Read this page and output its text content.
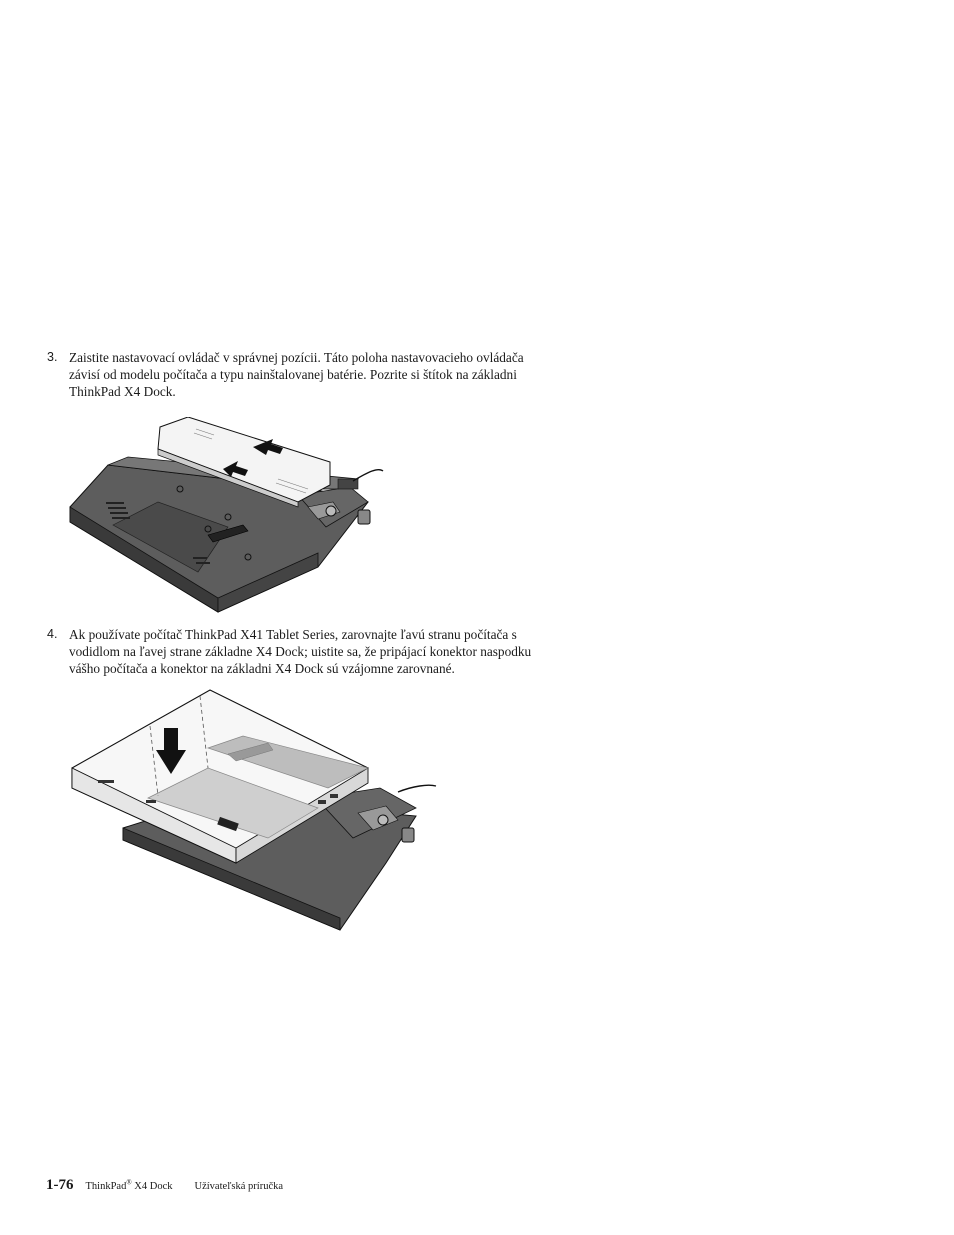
3. Zaistite nastavovací ovládač v správnej pozícii. Táto poloha nastavovacieho ovládača závisí od modelu počítača a typu nainštalovanej batérie. Pozrite si štítok na základni ThinkPad X4 Dock.
4. Ak používate počítač ThinkPad X41 Tablet Series, zarovnajte ľavú stranu počítača s vodidlom na ľavej strane základne X4 Dock; uistite sa, že pripájací konektor naspodku vášho počítača a konektor na základni X4 Dock sú vzájomne zarovnané.
1-76 ThinkPad® X4 Dock Užívateľská príručka
